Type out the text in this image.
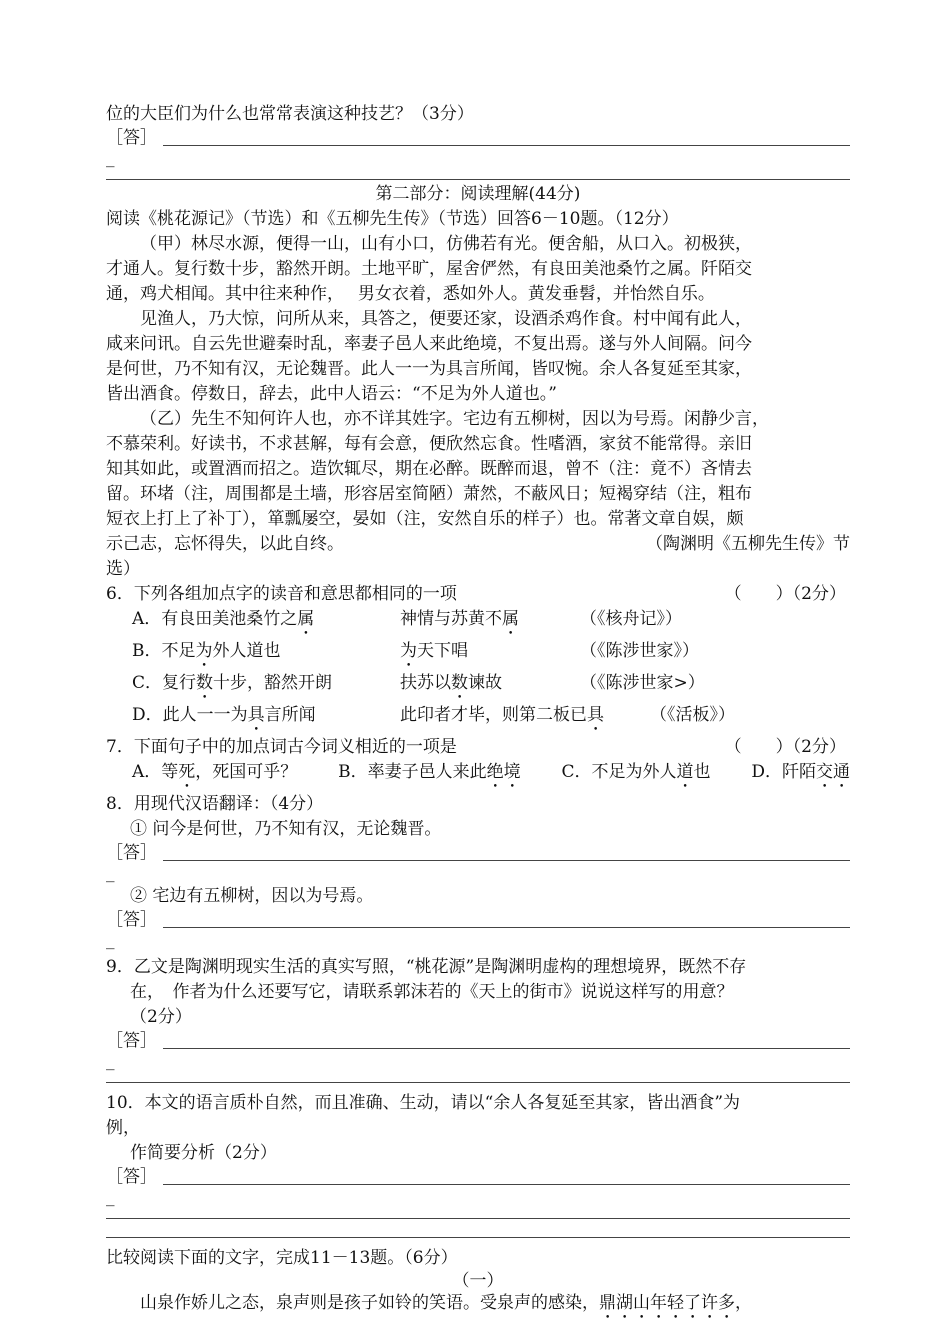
位的大臣们为什么也常常表演这种技艺？（3分）
［答］
_
第二部分：阅读理解(44分)
阅读《桃花源记》（节选）和《五柳先生传》（节选）回答6－10题。（12分）
（甲）林尽水源，便得一山，山有小口，仿佛若有光。便舍船，从口入。初极狭，
才通人。复行数十步，豁然开朗。土地平旷，屋舍俨然，有良田美池桑竹之属。阡陌交
通，鸡犬相闻。其中往来种作，　 男女衣着，悉如外人。黄发垂髫，并怡然自乐。
见渔人，乃大惊，问所从来，具答之，便要还家，设酒杀鸡作食。村中闻有此人，
咸来问讯。自云先世避秦时乱，率妻子邑人来此绝境，不复出焉。遂与外人间隔。问今
是何世，乃不知有汉，无论魏晋。此人一一为具言所闻，皆叹惋。余人各复延至其家，
皆出酒食。停数日，辞去，此中人语云：“不足为外人道也。”
（乙）先生不知何许人也，亦不详其姓字。宅边有五柳树，因以为号焉。闲静少言，
不慕荣利。好读书，不求甚解，每有会意，便欣然忘食。性嗜酒，家贫不能常得。亲旧
知其如此，或置酒而招之。造饮辄尽，期在必醉。既醉而退，曾不（注：竟不）吝情去
留。环堵（注，周围都是土墙，形容居室简陋）萧然，不蔽风日；短褐穿结（注，粗布
短衣上打上了补丁），箪瓢屡空，晏如（注，安然自乐的样子）也。常著文章自娱，颇
示己志，忘怀得失，以此自终。	（陶渊明《五柳先生传》节
选）
6．下列各组加点字的读音和意思都相同的一项	（　　）（2分）
A．有良田美池桑竹之属	神情与苏黄不属	（《核舟记》）
B．不足为外人道也	为天下唱	（《陈涉世家》）
C．复行数十步，豁然开朗	扶苏以数谏故	（《陈涉世家>）
D．此人一一为具言所闻	此印者才毕，则第二板已具	（《活板》）
7．下面句子中的加点词古今词义相近的一项是	（　　）（2分）
A．等死，死国可乎？ B．率妻子邑人来此绝境 C．不足为外人道也 D．阡陌交通
8．用现代汉语翻译：（4分）
① 问今是何世，乃不知有汉，无论魏晋。
［答］
_
② 宅边有五柳树，因以为号焉。
［答］
_
9．乙文是陶渊明现实生活的真实写照，“桃花源”是陶渊明虚构的理想境界，既然不存
在，　作者为什么还要写它，请联系郭沫若的《天上的街市》说说这样写的用意？
（2分）
［答］
_
10．本文的语言质朴自然，而且准确、生动，请以“余人各复延至其家，皆出酒食”为
例，
作简要分析（2分）
［答］
_
比较阅读下面的文字，完成11－13题。（6分）
（一）
山泉作娇儿之态，泉声则是孩子如铃的笑语。受泉声的感染，鼎湖山年轻了许多，
